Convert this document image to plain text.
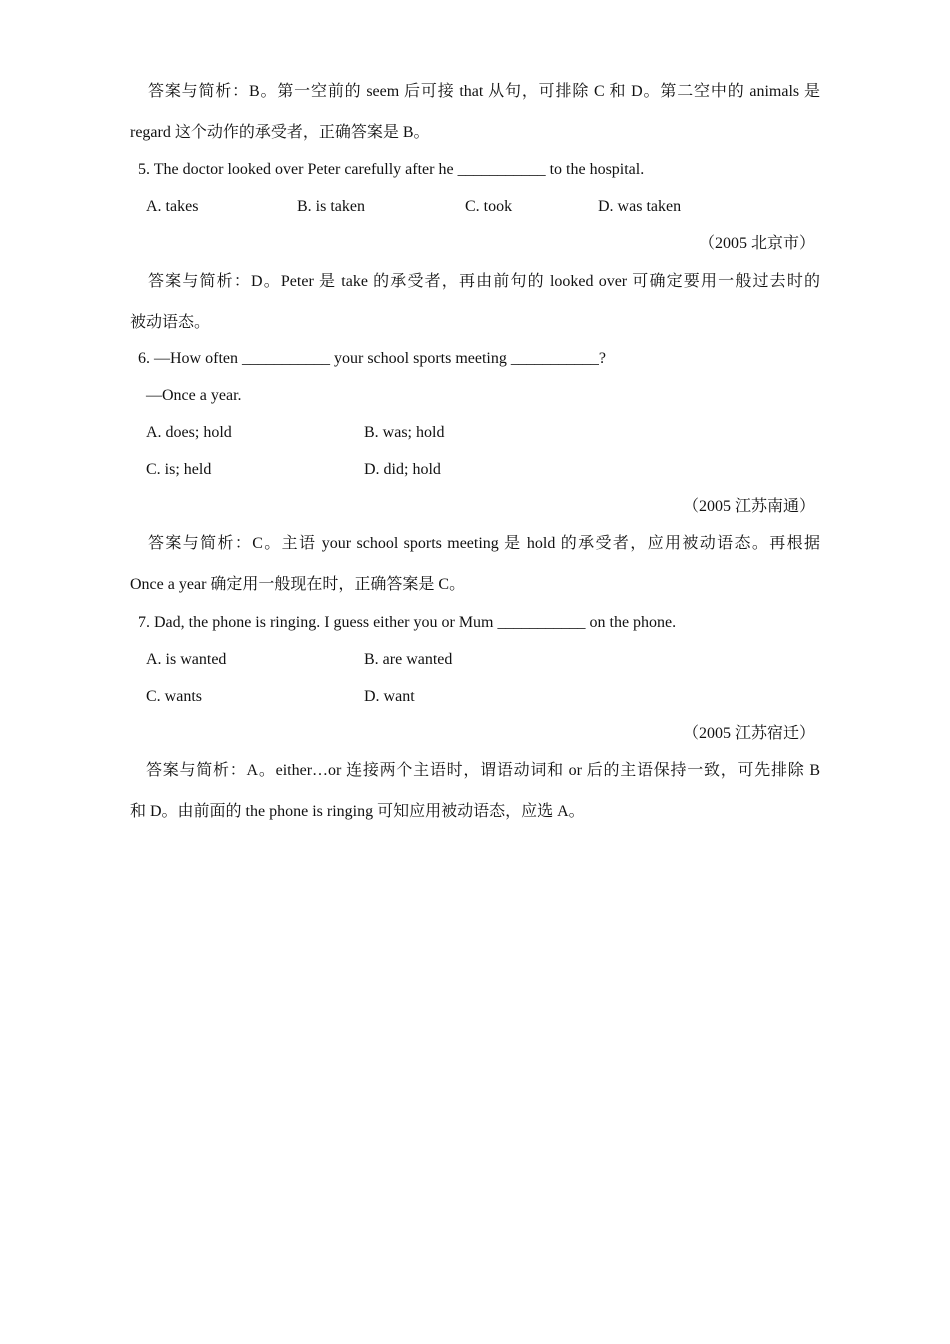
答案与简析：B。第一空前的 seem 后可接 that 从句，可排除 C 和 D。第二空中的 animals 是
regard 这个动作的承受者，正确答案是 B。
5. The doctor looked over Peter carefully after he ___________ to the hospital.
A. takes	B. is taken	C. took	D. was taken
（2005 北京市）
答案与简析：D。Peter 是 take 的承受者，再由前句的 looked over 可确定要用一般过去时的
被动语态。
6. —How often ___________ your school sports meeting ___________?
—Once a year.
A. does; hold	B. was; hold
C. is; held	D. did; hold
（2005 江苏南通）
答案与简析：C。主语 your school sports meeting 是 hold 的承受者，应用被动语态。再根据
Once a year 确定用一般现在时，正确答案是 C。
7. Dad, the phone is ringing. I guess either you or Mum ___________ on the phone.
A. is wanted	B. are wanted
C. wants	D. want
（2005 江苏宿迁）
答案与简析：A。either…or 连接两个主语时，谓语动词和 or 后的主语保持一致，可先排除 B
和 D。由前面的 the phone is ringing 可知应用被动语态，应选 A。
